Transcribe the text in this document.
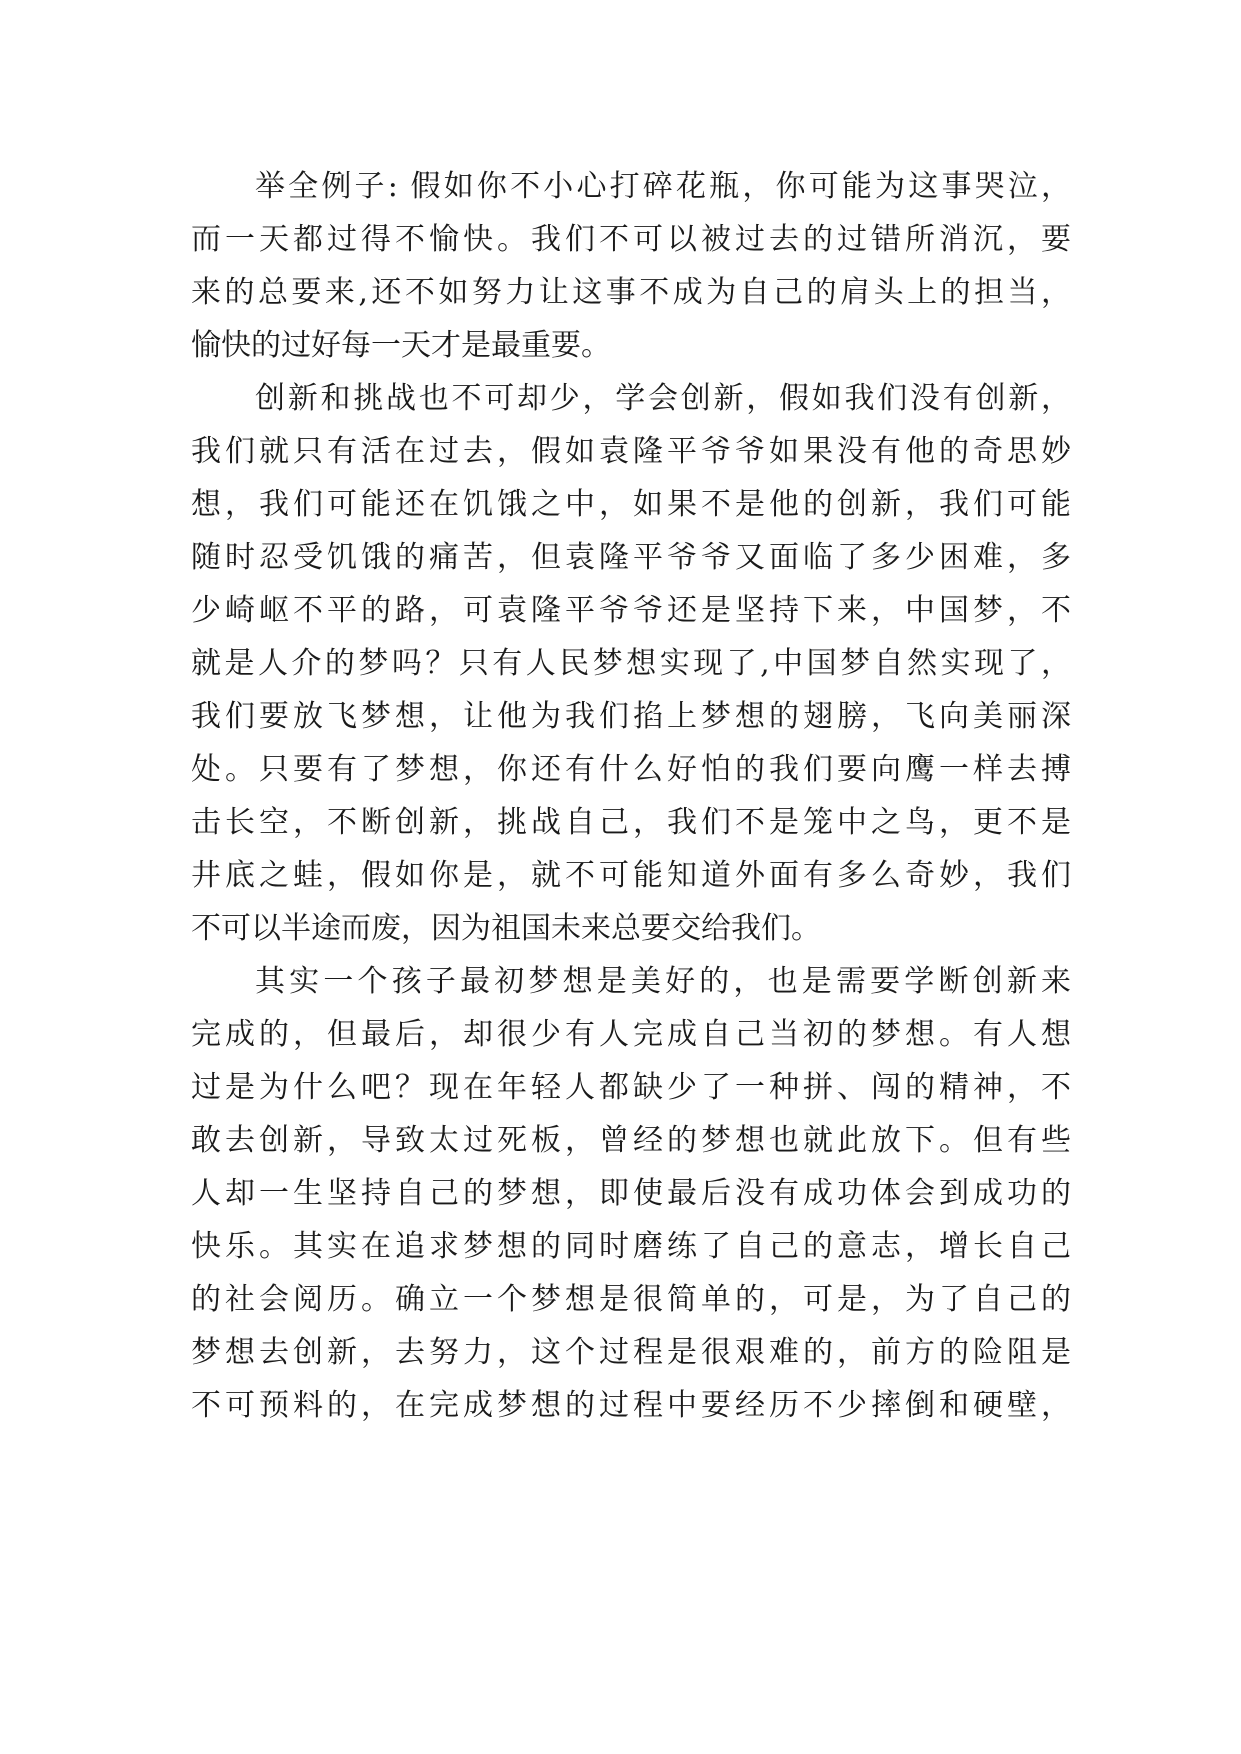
举全例子: 假如你不小心打碎花瓶，你可能为这事哭泣，
而一天都过得不愉快。我们不可以被过去的过错所消沉，要
来的总要来,还不如努力让这事不成为自己的肩头上的担当，
愉快的过好每一天才是最重要。
创新和挑战也不可却少，学会创新，假如我们没有创新，
我们就只有活在过去，假如袁隆平爷爷如果没有他的奇思妙
想，我们可能还在饥饿之中，如果不是他的创新，我们可能
随时忍受饥饿的痛苦，但袁隆平爷爷又面临了多少困难，多
少崎岖不平的路，可袁隆平爷爷还是坚持下来，中国梦，不
就是人介的梦吗？只有人民梦想实现了,中国梦自然实现了，
我们要放飞梦想，让他为我们掐上梦想的翅膀，飞向美丽深
处。只要有了梦想，你还有什么好怕的我们要向鹰一样去搏
击长空，不断创新，挑战自己，我们不是笼中之鸟，更不是
井底之蛙，假如你是，就不可能知道外面有多么奇妙，我们
不可以半途而废，因为祖国未来总要交给我们。
其实一个孩子最初梦想是美好的，也是需要学断创新来
完成的，但最后，却很少有人完成自己当初的梦想。有人想
过是为什么吧？现在年轻人都缺少了一种拼、闯的精神，不
敢去创新，导致太过死板，曾经的梦想也就此放下。但有些
人却一生坚持自己的梦想，即使最后没有成功体会到成功的
快乐。其实在追求梦想的同时磨练了自己的意志，增长自己
的社会阅历。确立一个梦想是很简单的，可是，为了自己的
梦想去创新，去努力，这个过程是很艰难的，前方的险阻是
不可预料的，在完成梦想的过程中要经历不少摔倒和硬壁，
